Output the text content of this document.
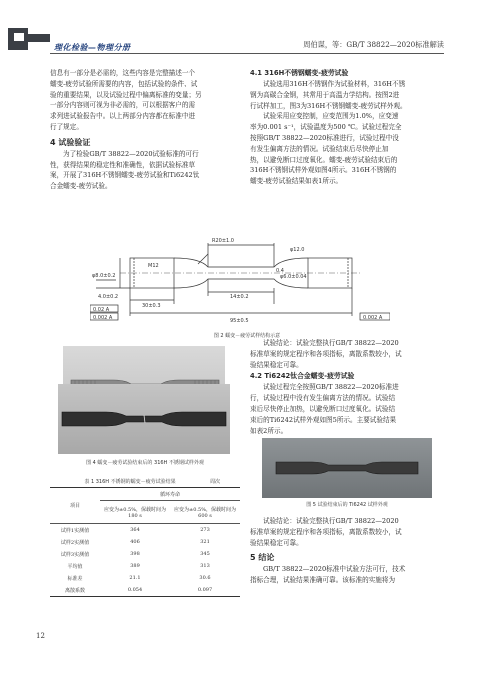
理化检验—物理分册	周伯谋，等：GB/T 38822—2020标准解读

信息有一部分是必需的，这些内容是完整描述一个

蠕变-疲劳试验所需要的内容，包括试验的条件、试

验的重要结果，以及试验过程中偏离标准的变量；另

一部分内容则可视为非必需的，可以根据客户的需

求列进试验报告中。以上两部分内容都在标准中进

行了规定。

4 试验验证

为了检验GB/T 38822—2020试验标准的可行

性，获得结果的稳定性和准确性，依据试验标准草

案，开展了316H不锈钢蠕变-疲劳试验和Ti6242钛

合金蠕变-疲劳试验。

4.1 316H不锈钢蠕变-疲劳试验

试验选用316H不锈钢作为试验材料，316H不锈

钢为高碳合金钢，其常用于高温力学结构。按图2进

行试样加工，图3为316H不锈钢蠕变-疲劳试样外观。

试验采用应变控制，应变范围为1.0%，应变速

率为0.001 s⁻¹，试验温度为500 ℃。试验过程完全

按照GB/T 38822—2020标准进行，试验过程中没

有发生偏离方法的情况。试验结束后尽快停止加

热，以避免断口过度氧化。蠕变-疲劳试验结束后的

316H不锈钢试样外观如图4所示。316H不锈钢的

蠕变-疲劳试验结果如表1所示。

R20±1.0
M12
0.4
φ6.0±0.04
φ12.0
φ8.0±0.2
4.0±0.2
30±0.3
14±0.2
95±0.5
0.02 A
0.002 A	0.002 A
图 2 蠕变－疲劳试样结构示意
图 4 蠕变－疲劳试验结束后的 316H 不锈钢试样外观
表 1 316H 不锈钢的蠕变－疲劳试验结果	周次
项目	循环寿命	
	应变为±0.5%，保载时间为180 s	应变为±0.5%，保载时间为600 s
试样1实测值	364	273
试样2实测值	406	321
试样3实测值	398	345
平均值	389	313
标准差	21.1	30.6
离散系数	0.054	0.097

试验结论：试验完整执行GB/T 38822—2020

标准草案的规定程序和各项指标，离散系数较小，试

验结果稳定可靠。

4.2 Ti6242钛合金蠕变-疲劳试验

试验过程完全按照GB/T 38822—2020标准进

行，试验过程中没有发生偏离方法的情况。试验结

束后尽快停止加热，以避免断口过度氧化。试验结

束后的Ti6242试样外观如图5所示。主要试验结果

如表2所示。

图 5 试验结束后的 Ti6242 试样外观

试验结论：试验完整执行GB/T 38822—2020

标准草案的规定程序和各项指标，离散系数较小，试

验结果稳定可靠。

5 结论

GB/T 38822—2020标准中试验方法可行，技术

指标合理，试验结果准确可靠。该标准的实施将为

12
